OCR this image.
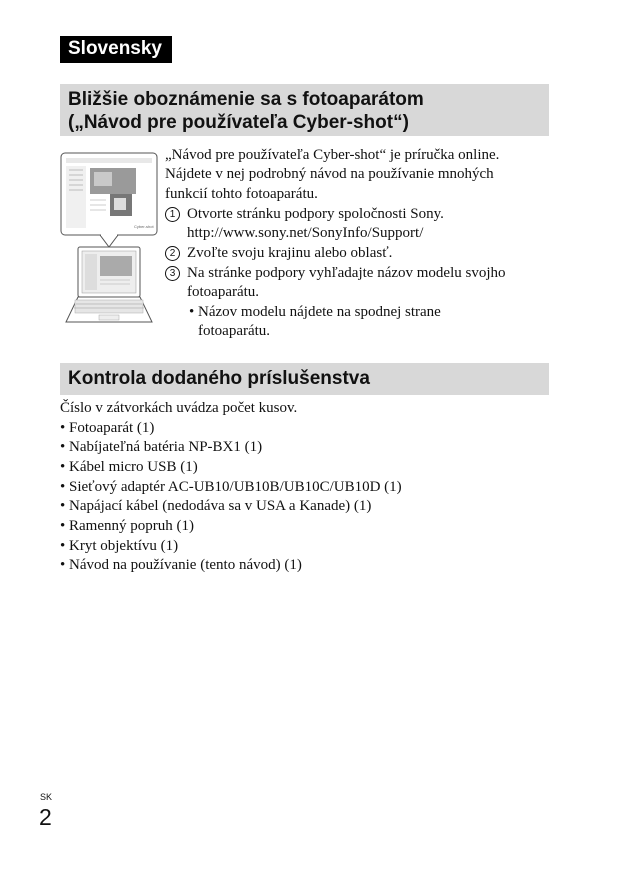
Slovensky
Bližšie oboznámenie sa s fotoaparátom
(„Návod pre používateľa Cyber-shot“)
Cyber-shot
„Návod pre používateľa Cyber-shot“ je príručka online.
Nájdete v nej podrobný návod na používanie mnohých
funkcií tohto fotoaparátu.
1 Otvorte stránku podpory spoločnosti Sony.
http://www.sony.net/SonyInfo/Support/
2 Zvoľte svoju krajinu alebo oblasť.
3 Na stránke podpory vyhľadajte názov modelu svojho
fotoaparátu.
• Názov modelu nájdete na spodnej strane
fotoaparátu.
Kontrola dodaného príslušenstva
Číslo v zátvorkách uvádza počet kusov.
• Fotoaparát (1)
• Nabíjateľná batéria NP-BX1 (1)
• Kábel micro USB (1)
• Sieťový adaptér AC-UB10/UB10B/UB10C/UB10D (1)
• Napájací kábel (nedodáva sa v USA a Kanade) (1)
• Ramenný popruh (1)
• Kryt objektívu (1)
• Návod na používanie (tento návod) (1)
SK
2
